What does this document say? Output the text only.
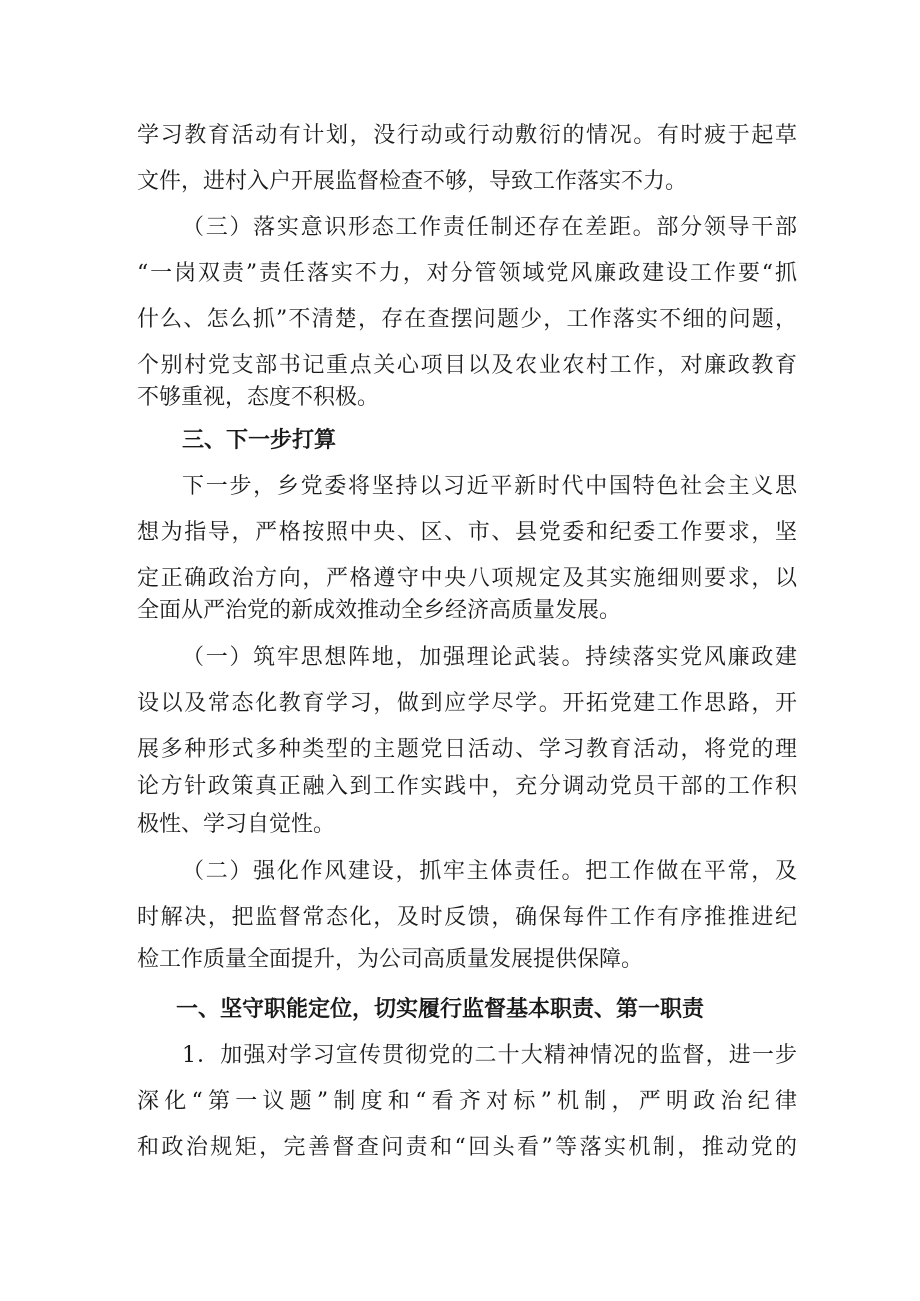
学习教育活动有计划，没行动或行动敷衍的情况。有时疲于起草
文件，进村入户开展监督检查不够，导致工作落实不力。
（三）落实意识形态工作责任制还存在差距。部分领导干部
“一岗双责”责任落实不力，对分管领域党风廉政建设工作要“抓
什么、怎么抓”不清楚，存在查摆问题少，工作落实不细的问题，
个别村党支部书记重点关心项目以及农业农村工作，对廉政教育
不够重视，态度不积极。
三、下一步打算
下一步，乡党委将坚持以习近平新时代中国特色社会主义思
想为指导，严格按照中央、区、市、县党委和纪委工作要求，坚
定正确政治方向，严格遵守中央八项规定及其实施细则要求，以
全面从严治党的新成效推动全乡经济高质量发展。
（一）筑牢思想阵地，加强理论武装。持续落实党风廉政建
设以及常态化教育学习，做到应学尽学。开拓党建工作思路，开
展多种形式多种类型的主题党日活动、学习教育活动，将党的理
论方针政策真正融入到工作实践中，充分调动党员干部的工作积
极性、学习自觉性。
（二）强化作风建设，抓牢主体责任。把工作做在平常，及
时解决，把监督常态化，及时反馈，确保每件工作有序推推进纪
检工作质量全面提升，为公司高质量发展提供保障。
一、坚守职能定位，切实履行监督基本职责、第一职责
1．加强对学习宣传贯彻党的二十大精神情况的监督，进一步
深化“第一议题”制度和“看齐对标”机制，严明政治纪律
和政治规矩，完善督查问责和“回头看”等落实机制，推动党的
